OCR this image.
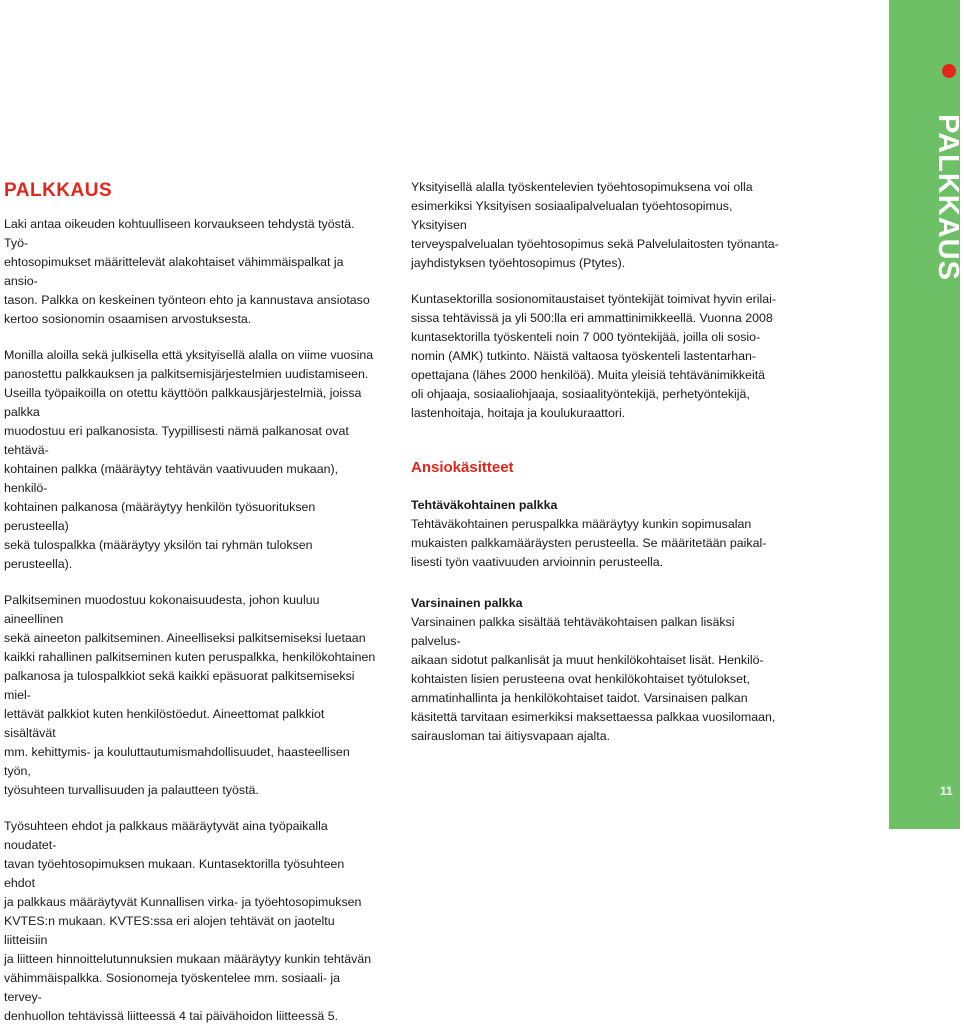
PALKKAUS

Laki antaa oikeuden kohtuulliseen korvaukseen tehdystä työstä. Työ-
ehtosopimukset määrittelevät alakohtaiset vähimmäispalkat ja ansio-
tason. Palkka on keskeinen työnteon ehto ja kannustava ansiotaso
kertoo sosionomin osaamisen arvostuksesta.

Monilla aloilla sekä julkisella että yksityisellä alalla on viime vuosina
panostettu palkkauksen ja palkitsemisjärjestelmien uudistamiseen.
Useilla työpaikoilla on otettu käyttöön palkkausjärjestelmiä, joissa palkka
muodostuu eri palkanosista. Tyypillisesti nämä palkanosat ovat tehtävä-
kohtainen palkka (määräytyy tehtävän vaativuuden mukaan), henkilö-
kohtainen palkanosa (määräytyy henkilön työsuorituksen perusteella)
sekä tulospalkka (määräytyy yksilön tai ryhmän tuloksen perusteella).

Palkitseminen muodostuu kokonaisuudesta, johon kuuluu aineellinen
sekä aineeton palkitseminen. Aineelliseksi palkitsemiseksi luetaan
kaikki rahallinen palkitseminen kuten peruspalkka, henkilökohtainen
palkanosa ja tulospalkkiot sekä kaikki epäsuorat palkitsemiseksi miel-
lettävät palkkiot kuten henkilöstöedut. Aineettomat palkkiot sisältävät
mm. kehittymis- ja kouluttautumismahdollisuudet, haasteellisen työn,
työsuhteen turvallisuuden ja palautteen työstä.

Työsuhteen ehdot ja palkkaus määräytyvät aina työpaikalla noudatet-
tavan työehtosopimuksen mukaan. Kuntasektorilla työsuhteen ehdot
ja palkkaus määräytyvät Kunnallisen virka- ja työehtosopimuksen
KVTES:n mukaan. KVTES:ssa eri alojen tehtävät on jaoteltu liitteisiin
ja liitteen hinnoittelutunnuksien mukaan määräytyy kunkin tehtävän
vähimmäispalkka. Sosionomeja työskentelee mm. sosiaali- ja tervey-
denhuollon tehtävissä liitteessä 4 tai päivähoidon liitteessä 5.

Yksityisellä alalla työskentelevien työehtosopimuksena voi olla
esimerkiksi Yksityisen sosiaalipalvelualan työehtosopimus, Yksityisen
terveyspalvelualan työehtosopimus sekä Palvelulaitosten työnanta-
jayhdistyksen työehtosopimus (Ptytes).

Kuntasektorilla sosionomitaustaiset työntekijät toimivat hyvin erilai-
sissa tehtävissä ja yli 500:lla eri ammattinimikkeellä. Vuonna 2008
kuntasektorilla työskenteli noin 7 000 työntekijää, joilla oli sosio-
nomin (AMK) tutkinto. Näistä valtaosa työskenteli lastentarhan-
opettajana (lähes 2000 henkilöä). Muita yleisiä tehtävänimikkeitä
oli ohjaaja, sosiaaliohjaaja, sosiaalityöntekijä, perhetyöntekijä,
lastenhoitaja, hoitaja ja koulukuraattori.

Ansiokäsitteet
Tehtäväkohtainen palkka

Tehtäväkohtainen peruspalkka määräytyy kunkin sopimusalan
mukaisten palkkamääräysten perusteella. Se määritetään paikal-
lisesti työn vaativuuden arvioinnin perusteella.

Varsinainen palkka

Varsinainen palkka sisältää tehtäväkohtaisen palkan lisäksi palvelus-
aikaan sidotut palkanlisät ja muut henkilökohtaiset lisät. Henkilö-
kohtaisten lisien perusteena ovat henkilökohtaiset työtulokset,
ammatinhallinta ja henkilökohtaiset taidot. Varsinaisen palkan
käsitettä tarvitaan esimerkiksi maksettaessa palkkaa vuosilomaan,
sairausloman tai äitiysvapaan ajalta.

PALKKAUS
11
